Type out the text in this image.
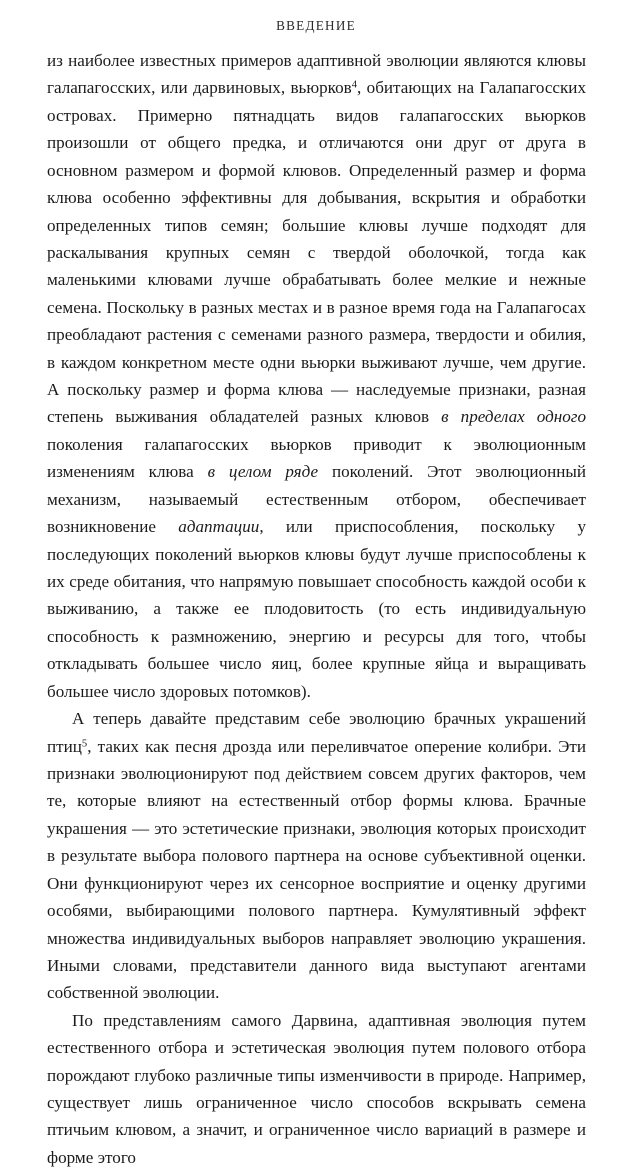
ВВЕДЕНИЕ

из наиболее известных примеров адаптивной эволюции являются клювы галапагосских, или дарвиновых, вьюрков$^4$, обитающих на Галапагосских островах. Примерно пятнадцать видов галапагосских вьюрков произошли от общего предка, и отличаются они друг от друга в основном размером и формой клювов. Определенный размер и форма клюва особенно эффективны для добывания, вскрытия и обработки определенных типов семян; большие клювы лучше подходят для раскалывания крупных семян с твердой оболочкой, тогда как маленькими клювами лучше обрабатывать более мелкие и нежные семена. Поскольку в разных местах и в разное время года на Галапагосах преобладают растения с семенами разного размера, твердости и обилия, в каждом конкретном месте одни вьюрки выживают лучше, чем другие. А поскольку размер и форма клюва — наследуемые признаки, разная степень выживания обладателей разных клювов в пределах одного поколения галапагосских вьюрков приводит к эволюционным изменениям клюва в целом ряде поколений. Этот эволюционный механизм, называемый естественным отбором, обеспечивает возникновение адаптации, или приспособления, поскольку у последующих поколений вьюрков клювы будут лучше приспособлены к их среде обитания, что напрямую повышает способность каждой особи к выживанию, а также ее плодовитость (то есть индивидуальную способность к размножению, энергию и ресурсы для того, чтобы откладывать большее число яиц, более крупные яйца и выращивать большее число здоровых потомков).

А теперь давайте представим себе эволюцию брачных украшений птиц$^5$, таких как песня дрозда или переливчатое оперение колибри. Эти признаки эволюционируют под действием совсем других факторов, чем те, которые влияют на естественный отбор формы клюва. Брачные украшения — это эстетические признаки, эволюция которых происходит в результате выбора полового партнера на основе субъективной оценки. Они функционируют через их сенсорное восприятие и оценку другими особями, выбирающими полового партнера. Кумулятивный эффект множества индивидуальных выборов направляет эволюцию украшения. Иными словами, представители данного вида выступают агентами собственной эволюции.

По представлениям самого Дарвина, адаптивная эволюция путем естественного отбора и эстетическая эволюция путем полового отбора порождают глубоко различные типы изменчивости в природе. Например, существует лишь ограниченное число способов вскрывать семена птичьим клювом, а значит, и ограниченное число вариаций в размере и форме этого
